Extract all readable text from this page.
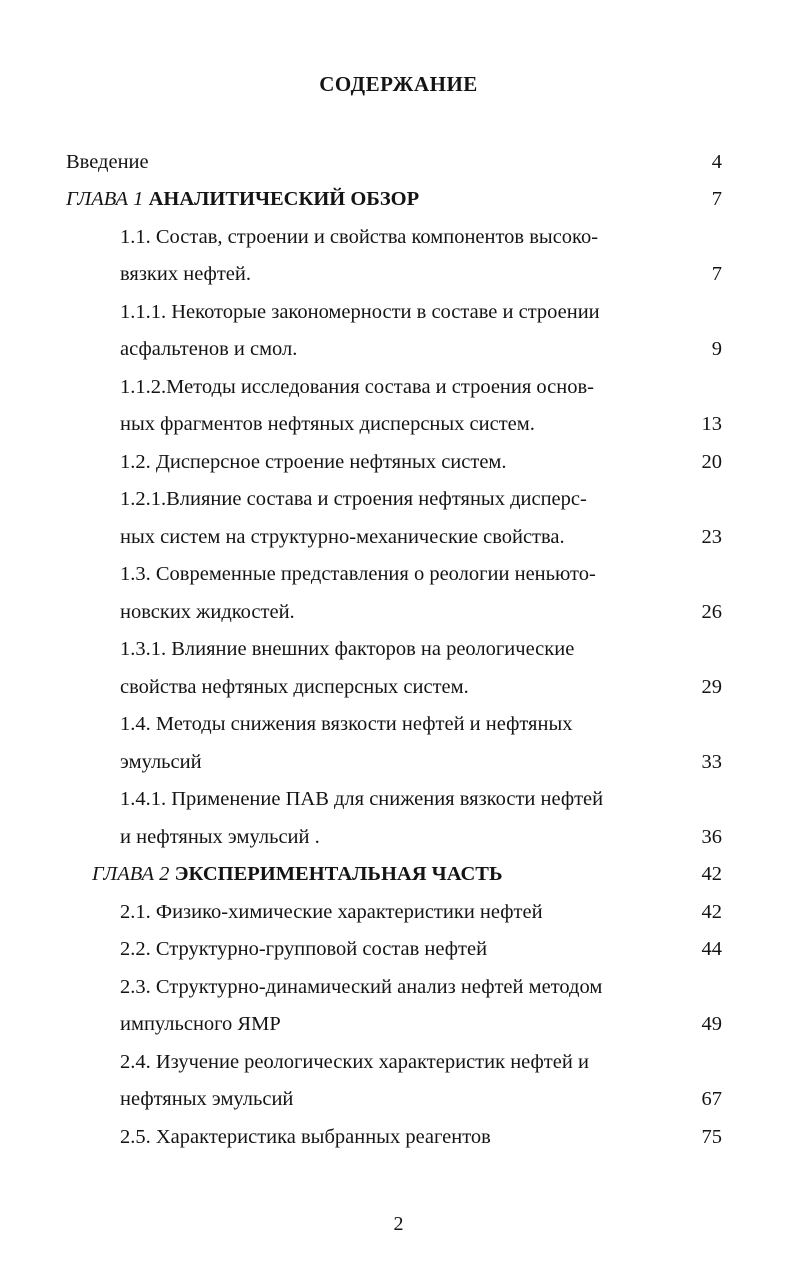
СОДЕРЖАНИЕ
Введение	4
ГЛАВА 1 АНАЛИТИЧЕСКИЙ ОБЗОР	7
1.1. Состав, строении и свойства компонентов высоко-
вязких нефтей.	7
1.1.1. Некоторые закономерности в составе и строении
асфальтенов и смол.	9
1.1.2.Методы исследования состава и строения основ-
ных фрагментов нефтяных дисперсных систем.	13
1.2. Дисперсное строение нефтяных систем.	20
1.2.1.Влияние состава и строения нефтяных дисперс-
ных систем на структурно-механические свойства.	23
1.3. Современные представления о реологии неньюто-
новских жидкостей.	26
1.3.1. Влияние внешних факторов на реологические
свойства нефтяных дисперсных систем.	29
1.4. Методы снижения вязкости нефтей и нефтяных
эмульсий	33
1.4.1. Применение ПАВ для снижения вязкости нефтей
и нефтяных эмульсий .	36
ГЛАВА 2 ЭКСПЕРИМЕНТАЛЬНАЯ ЧАСТЬ	42
2.1. Физико-химические характеристики нефтей	42
2.2. Структурно-групповой состав нефтей	44
2.3. Структурно-динамический анализ нефтей методом
импульсного ЯМР	49
2.4. Изучение реологических характеристик нефтей и
нефтяных эмульсий	67
2.5. Характеристика выбранных реагентов	75
2
